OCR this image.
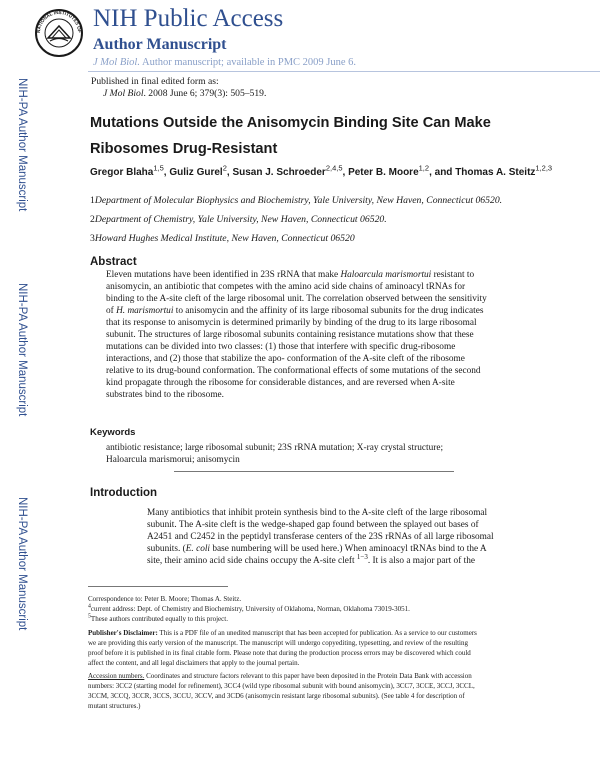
NATIONAL INSTITUTES OF NIH Public Access
Author Manuscript
J Mol Biol. Author manuscript; available in PMC 2009 June 6.
NIH-PA Author Manuscript
NIH-PA Author Manuscript
NIH-PA Author Manuscript
Published in final edited form as:
J Mol Biol. 2008 June 6; 379(3): 505–519.
Mutations Outside the Anisomycin Binding Site Can Make
Ribosomes Drug-Resistant
Gregor Blaha$^{1,5}$, Guliz Gurel$^2$, Susan J. Schroeder$^{2,4,5}$, Peter B. Moore$^{1,2}$, and Thomas A. Steitz$^{1,2,3}$
1Department of Molecular Biophysics and Biochemistry, Yale University, New Haven, Connecticut 06520.
2Department of Chemistry, Yale University, New Haven, Connecticut 06520.
3Howard Hughes Medical Institute, New Haven, Connecticut 06520
Abstract
Eleven mutations have been identified in 23S rRNA that make Haloarcula marismortui resistant to
anisomycin, an antibiotic that competes with the amino acid side chains of aminoacyl tRNAs for
binding to the A-site cleft of the large ribosomal unit. The correlation observed between the sensitivity
of H. marismortui to anisomycin and the affinity of its large ribosomal subunits for the drug indicates
that its response to anisomycin is determined primarily by binding of the drug to its large ribosomal
subunit. The structures of large ribosomal subunits containing resistance mutations show that these
mutations can be divided into two classes: (1) those that interfere with specific drug-ribosome
interactions, and (2) those that stabilize the apo- conformation of the A-site cleft of the ribosome
relative to its drug-bound conformation. The conformational effects of some mutations of the second
kind propagate through the ribosome for considerable distances, and are reversed when A-site
substrates bind to the ribosome.
Keywords
antibiotic resistance; large ribosomal subunit; 23S rRNA mutation; X-ray crystal structure;
Haloarcula marismorui; anisomycin
Introduction
Many antibiotics that inhibit protein synthesis bind to the A-site cleft of the large ribosomal
subunit. The A-site cleft is the wedge-shaped gap found between the splayed out bases of
A2451 and C2452 in the peptidyl transferase centers of the 23S rRNAs of all large ribosomal
subunits. (E. coli base numbering will be used here.) When aminoacyl tRNAs bind to the A
site, their amino acid side chains occupy the A-site cleft $^{1-3}$. It is also a major part of the
Correspondence to: Peter B. Moore; Thomas A. Steitz.
$^4$current address: Dept. of Chemistry and Biochemistry, University of Oklahoma, Norman, Oklahoma 73019-3051.
$^5$These authors contributed equally to this project.
Publisher's Disclaimer: This is a PDF file of an unedited manuscript that has been accepted for publication. As a service to our customers
we are providing this early version of the manuscript. The manuscript will undergo copyediting, typesetting, and review of the resulting
proof before it is published in its final citable form. Please note that during the production process errors may be discovered which could
affect the content, and all legal disclaimers that apply to the journal pertain.
Accession numbers. Coordinates and structure factors relevant to this paper have been deposited in the Protein Data Bank with accession
numbers: 3CC2 (starting model for refinement), 3CC4 (wild type ribosomal subunit with bound anisomycin), 3CC7, 3CCE, 3CCJ, 3CCL,
3CCM, 3CCQ, 3CCR, 3CCS, 3CCU, 3CCV, and 3CD6 (anisomycin resistant large ribosomal subunits). (See table 4 for description of
mutant structures.)
